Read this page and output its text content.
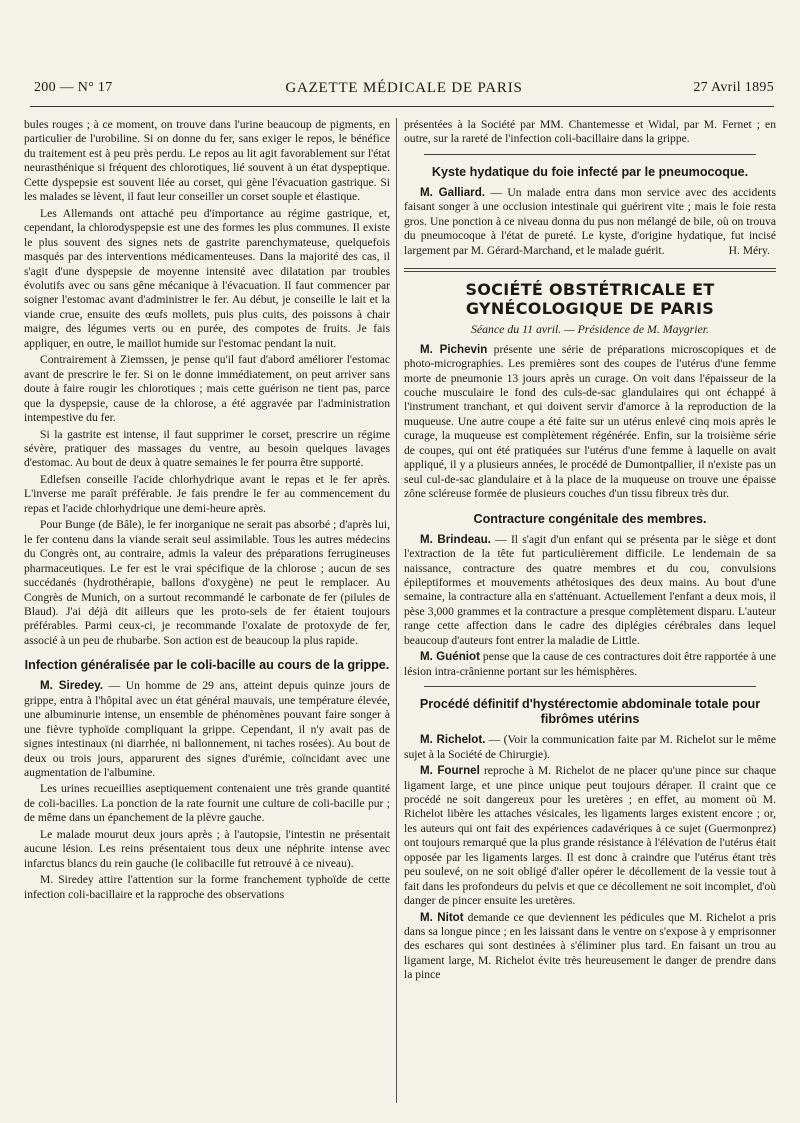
200 — N° 17	GAZETTE MÉDICALE DE PARIS	27 Avril 1895

bules rouges ; à ce moment, on trouve dans l'urine beaucoup de pigments, en particulier de l'urobiline. Si on donne du fer, sans exiger le repos, le bénéfice du traitement est à peu près perdu. Le repos au lit agit favorablement sur l'état neurasthénique si fréquent des chlorotiques, lié souvent à un état dyspeptique. Cette dyspepsie est souvent liée au corset, qui gène l'évacuation gastrique. Si les malades se lèvent, il faut leur conseiller un corset souple et élastique.

Les Allemands ont attaché peu d'importance au régime gastrique, et, cependant, la chlorodyspepsie est une des formes les plus communes. Il existe le plus souvent des signes nets de gastrite parenchymateuse, quelquefois masqués par des interventions médicamenteuses. Dans la majorité des cas, il s'agit d'une dyspepsie de moyenne intensité avec dilatation par troubles évolutifs avec ou sans gêne mécanique à l'évacuation. Il faut commencer par soigner l'estomac avant d'administrer le fer. Au début, je conseille le lait et la viande crue, ensuite des œufs mollets, puis plus cuits, des poissons à chair maigre, des légumes verts ou en purée, des compotes de fruits. Je fais appliquer, en outre, le maillot humide sur l'estomac pendant la nuit.

Contrairement à Ziemssen, je pense qu'il faut d'abord améliorer l'estomac avant de prescrire le fer. Si on le donne immédiatement, on peut arriver sans doute à faire rougir les chlorotiques ; mais cette guérison ne tient pas, parce que la dyspepsie, cause de la chlorose, a été aggravée par l'administration intempestive du fer.

Si la gastrite est intense, il faut supprimer le corset, prescrire un régime sévère, pratiquer des massages du ventre, au besoin quelques lavages d'estomac. Au bout de deux à quatre semaines le fer pourra être supporté.

Edlefsen conseille l'acide chlorhydrique avant le repas et le fer après. L'inverse me paraît préférable. Je fais prendre le fer au commencement du repas et l'acide chlorhydrique une demi-heure après.

Pour Bunge (de Bâle), le fer inorganique ne serait pas absorbé ; d'après lui, le fer contenu dans la viande serait seul assimilable. Tous les autres médecins du Congrès ont, au contraire, admis la valeur des préparations ferrugineuses pharmaceutiques. Le fer est le vrai spécifique de la chlorose ; aucun de ses succédanés (hydrothérapie, ballons d'oxygène) ne peut le remplacer. Au Congrès de Munich, on a surtout recommandé le carbonate de fer (pilules de Blaud). J'ai déjà dit ailleurs que les proto-sels de fer étaient toujours préférables. Parmi ceux-ci, je recommande l'oxalate de protoxyde de fer, associé à un peu de rhubarbe. Son action est de beaucoup la plus rapide.

Infection généralisée par le coli-bacille au cours de la grippe.

M. Siredey. — Un homme de 29 ans, atteint depuis quinze jours de grippe, entra à l'hôpital avec un état général mauvais, une température élevée, une albuminurie intense, un ensemble de phénomènes pouvant faire songer à une fièvre typhoïde compliquant la grippe. Cependant, il n'y avait pas de signes intestinaux (ni diarrhée, ni ballonnement, ni taches rosées). Au bout de deux ou trois jours, apparurent des signes d'urémie, coïncidant avec une augmentation de l'albumine.

Les urines recueillies aseptiquement contenaient une très grande quantité de coli-bacilles. La ponction de la rate fournit une culture de coli-bacille pur ; de même dans un épanchement de la plèvre gauche.

Le malade mourut deux jours après ; à l'autopsie, l'intestin ne présentait aucune lésion. Les reins présentaient tous deux une néphrite intense avec infarctus blancs du rein gauche (le colibacille fut retrouvé à ce niveau).

M. Siredey attire l'attention sur la forme franchement typhoïde de cette infection coli-bacillaire et la rapproche des observations

présentées à la Société par MM. Chantemesse et Widal, par M. Fernet ; en outre, sur la rareté de l'infection coli-bacillaire dans la grippe.

Kyste hydatique du foie infecté par le pneumocoque.

M. Galliard. — Un malade entra dans mon service avec des accidents faisant songer à une occlusion intestinale qui guérirent vite ; mais le foie resta gros. Une ponction à ce niveau donna du pus non mélangé de bile, où on trouva du pneumocoque à l'état de pureté. Le kyste, d'origine hydatique, fut incisé largement par M. Gérard-Marchand, et le malade guérit.	H. Méry.

SOCIÉTÉ OBSTÉTRICALE ET GYNÉCOLOGIQUE DE PARIS
Séance du 11 avril. — Présidence de M. Maygrier.

M. Pichevin présente une série de préparations microscopiques et de photo-micrographies. Les premières sont des coupes de l'utérus d'une femme morte de pneumonie 13 jours après un curage. On voit dans l'épaisseur de la couche musculaire le fond des culs-de-sac glandulaires qui ont échappé à l'instrument tranchant, et qui doivent servir d'amorce à la reproduction de la muqueuse. Une autre coupe a été faite sur un utérus enlevé cinq mois après le curage, la muqueuse est complètement régénérée. Enfin, sur la troisième série de coupes, qui ont été pratiquées sur l'utérus d'une femme à laquelle on avait appliqué, il y a plusieurs années, le procédé de Dumontpallier, il n'existe pas un seul cul-de-sac glandulaire et à la place de la muqueuse on trouve une épaisse zône scléreuse formée de plusieurs couches d'un tissu fibreux très dur.

Contracture congénitale des membres.

M. Brindeau. — Il s'agit d'un enfant qui se présenta par le siège et dont l'extraction de la tête fut particulièrement difficile. Le lendemain de sa naissance, contracture des quatre membres et du cou, convulsions épileptiformes et mouvements athétosiques des deux mains. Au bout d'une semaine, la contracture alla en s'atténuant. Actuellement l'enfant a deux mois, il pèse 3,000 grammes et la contracture a presque complètement disparu. L'auteur range cette affection dans le cadre des diplégies cérébrales dans lequel beaucoup d'auteurs font entrer la maladie de Little.

M. Guéniot pense que la cause de ces contractures doit être rapportée à une lésion intra-crânienne portant sur les hémisphères.

Procédé définitif d'hystérectomie abdominale totale pour fibrômes utérins

M. Richelot. — (Voir la communication faite par M. Richelot sur le même sujet à la Société de Chirurgie).

M. Fournel reproche à M. Richelot de ne placer qu'une pince sur chaque ligament large, et une pince unique peut toujours déraper. Il craint que ce procédé ne soit dangereux pour les uretères ; en effet, au moment où M. Richelot libère les attaches vésicales, les ligaments larges existent encore ; or, les auteurs qui ont fait des expériences cadavériques à ce sujet (Guermonprez) ont toujours remarqué que la plus grande résistance à l'élévation de l'utérus était opposée par les ligaments larges. Il est donc à craindre que l'utérus étant très peu soulevé, on ne soit obligé d'aller opérer le décollement de la vessie tout à fait dans les profondeurs du pelvis et que ce décollement ne soit incomplet, d'où danger de pincer ensuite les uretères.

M. Nitot demande ce que deviennent les pédicules que M. Richelot a pris dans sa longue pince ; en les laissant dans le ventre on s'expose à y emprisonner des eschares qui sont destinées à s'éliminer plus tard. En faisant un trou au ligament large, M. Richelot évite très heureusement le danger de prendre dans la pince
